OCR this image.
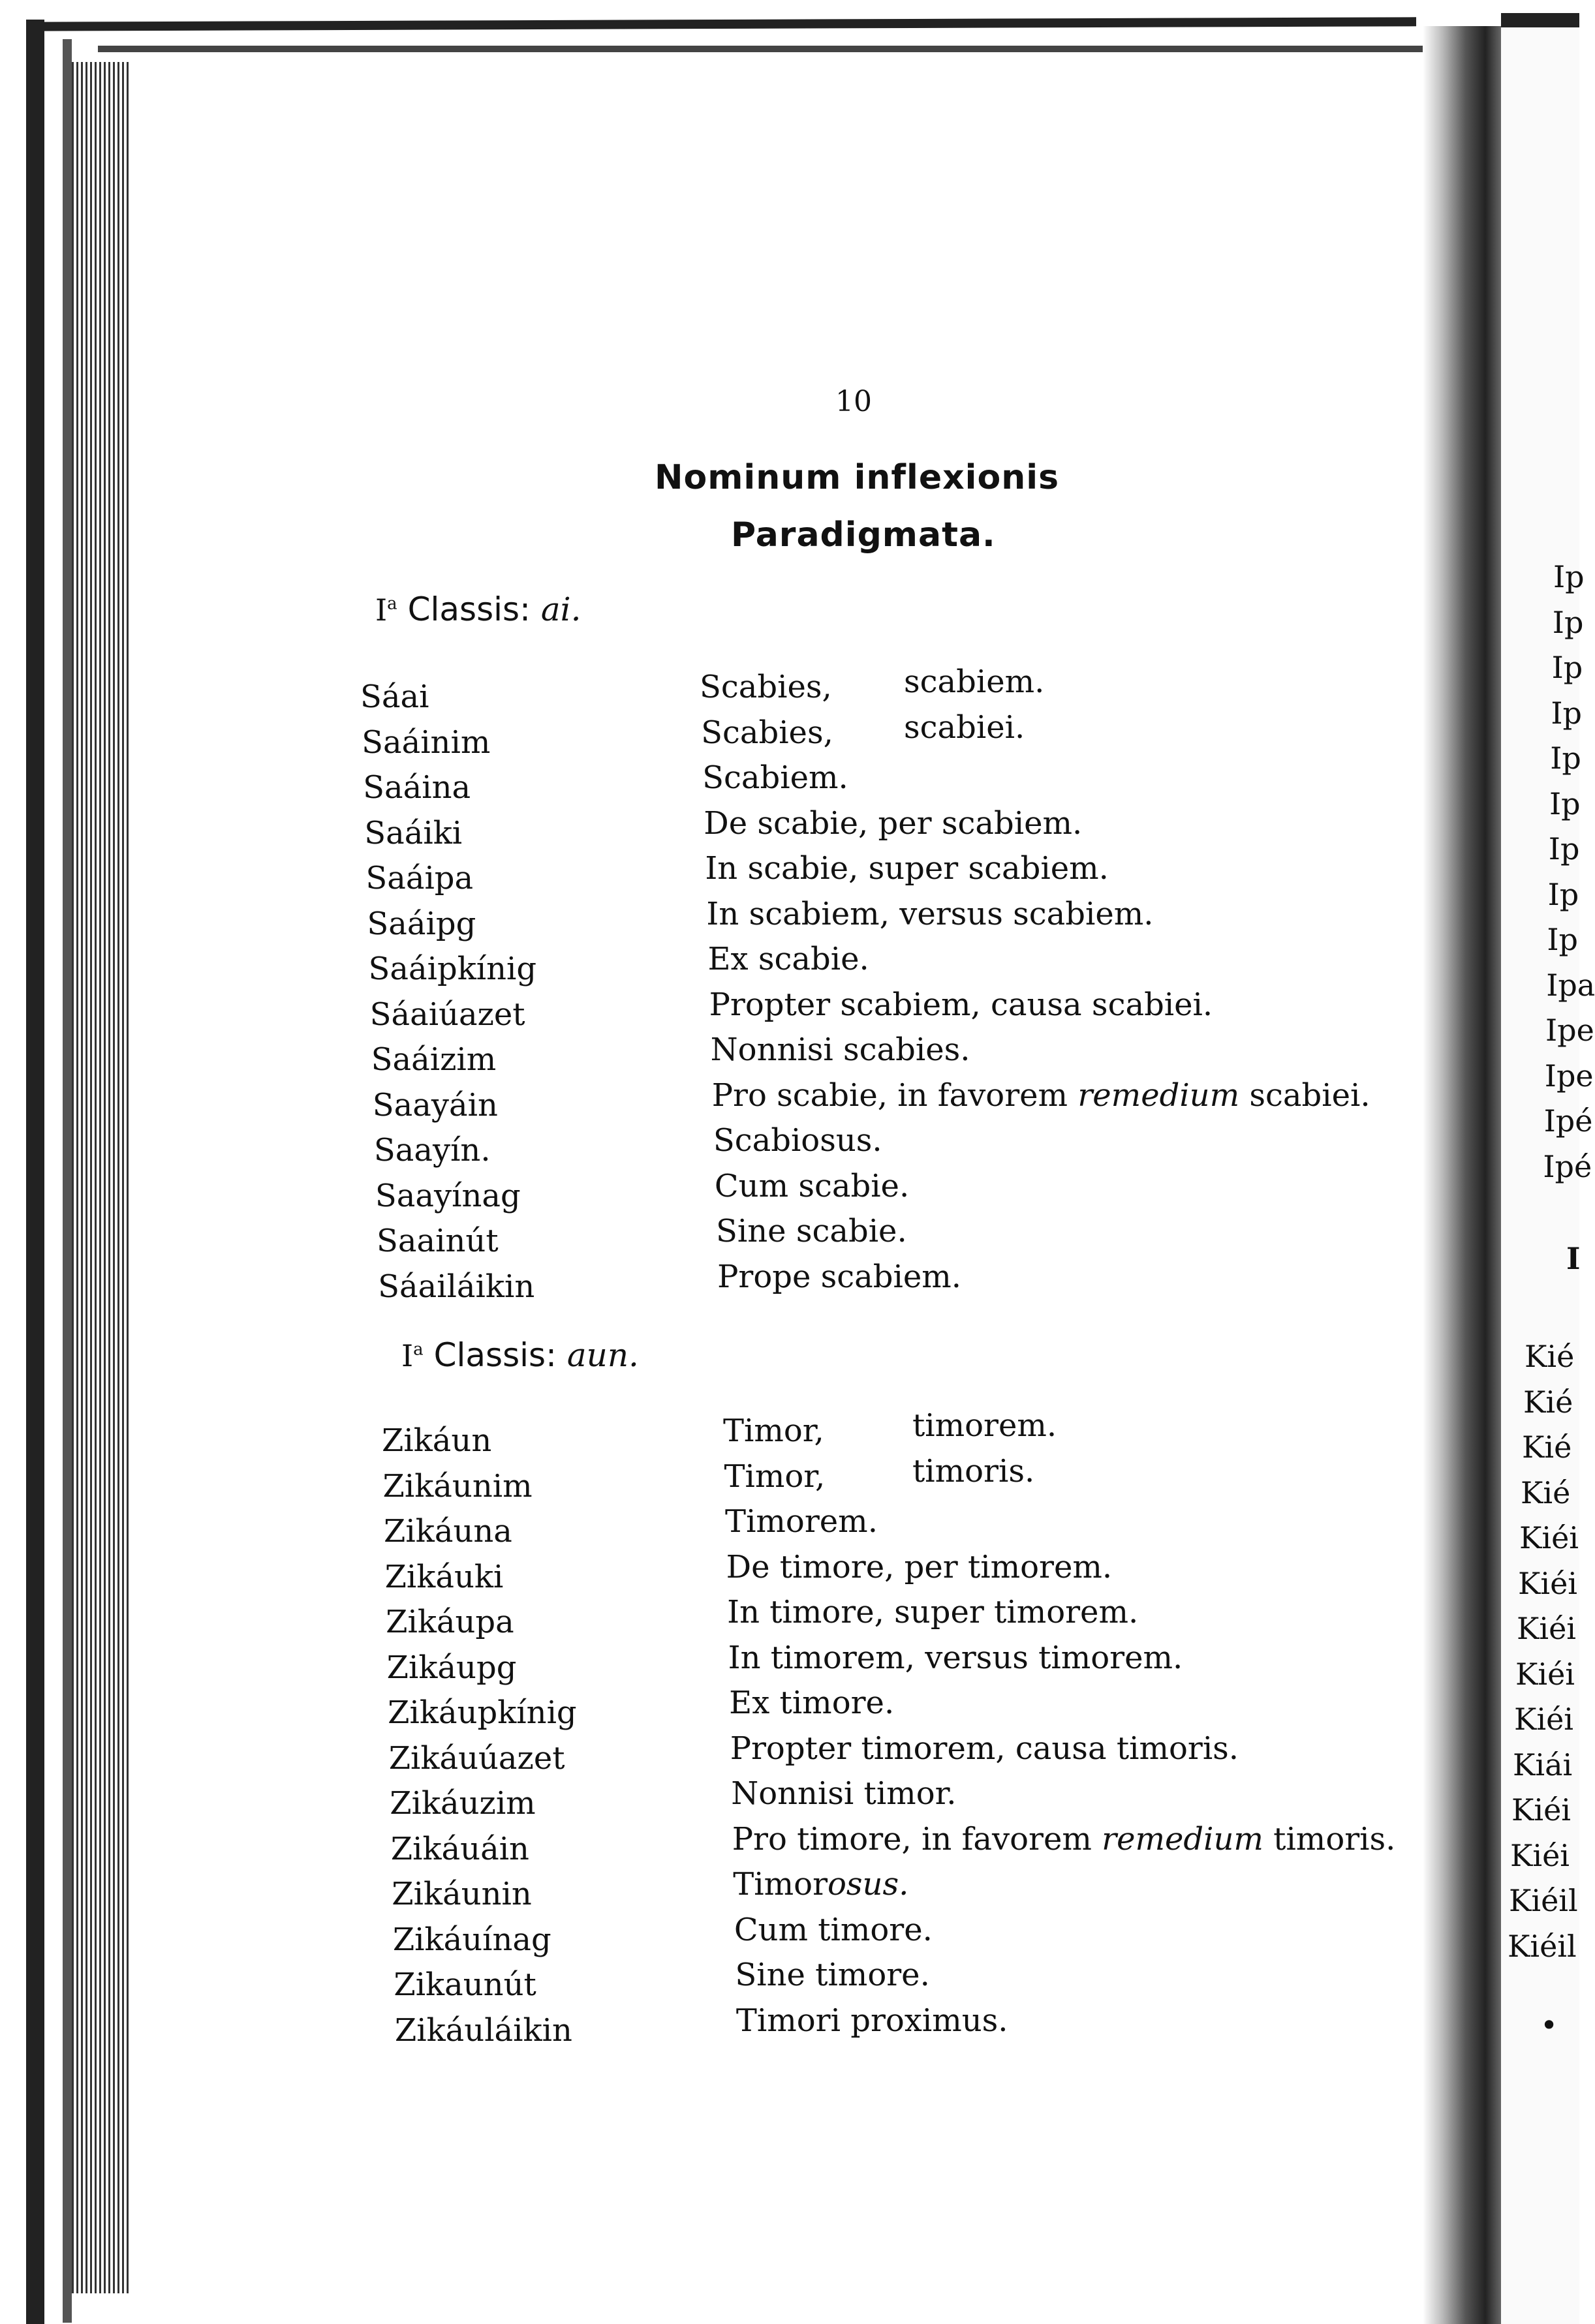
Ip
Ip
Ip
Ip
Ip
Ip
Ip
Ip
Ip
Ipa
Ipe
Ipe
Ipé
Ipé
I
Kié
Kié
Kié
Kié
Kiéi
Kiéi
Kiéi
Kiéi
Kiéi
Kiái
Kiéi
Kiéi
Kiéil
Kiéil
•
10
Nominum inflexionis
Paradigmata.
$I^a$ Classis: ai.
Sáai
Saáinim
Saáina
Saáiki
Saáipa
Saáipg
Saáipkínig
Sáaiúazet
Saáizim
Saayáin
Saayín.
Saayínag
Saainút
Sáailáikin
Scabies, scabiem.
Scabies, scabiei.
Scabiem.
De scabie, per scabiem.
In scabie, super scabiem.
In scabiem, versus scabiem.
Ex scabie.
Propter scabiem, causa scabiei.
Nonnisi scabies.
Pro scabie, in favorem remedium scabiei.
Scabiosus.
Cum scabie.
Sine scabie.
Prope scabiem.
$I^a$ Classis: aun.
Zikáun
Zikáunim
Zikáuna
Zikáuki
Zikáupa
Zikáupg
Zikáupkínig
Zikáuúazet
Zikáuzim
Zikáuáin
Zikáunin
Zikáuínag
Zikaunút
Zikáuláikin
Timor,	timorem.
Timor,	timoris.
Timorem.
De timore, per timorem.
In timore, super timorem.
In timorem, versus timorem.
Ex timore.
Propter timorem, causa timoris.
Nonnisi timor.
Pro timore, in favorem remedium timoris.
Timorosus.
Cum timore.
Sine timore.
Timori proximus.
